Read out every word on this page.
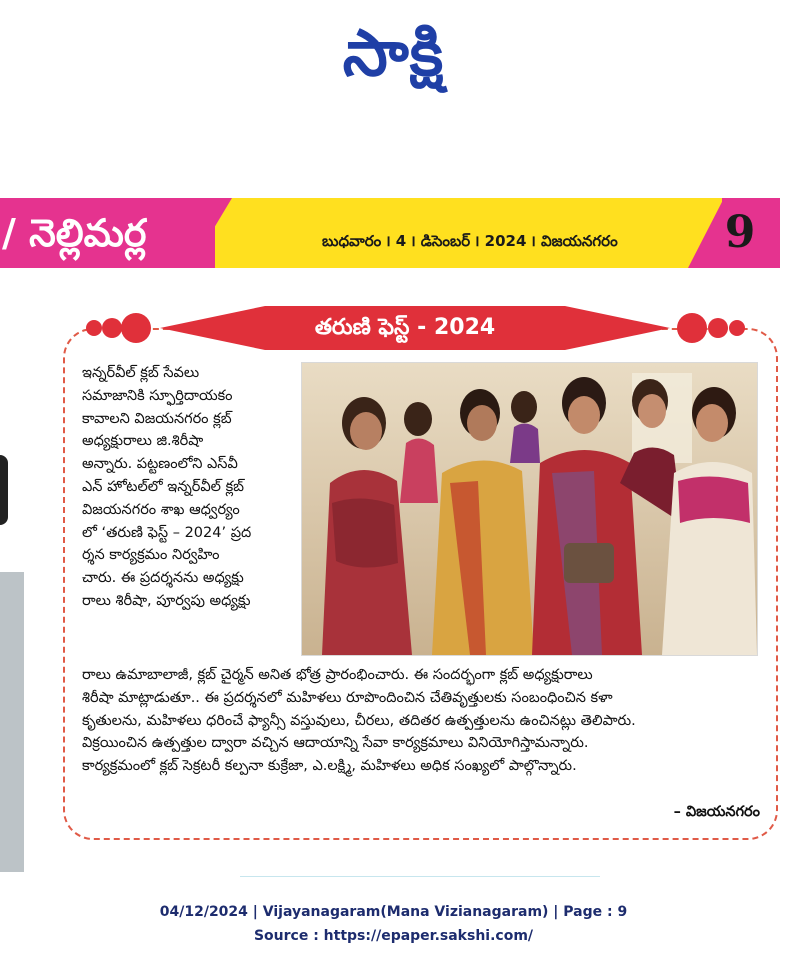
సాక్షి
/ నెల్లిమర్ల	బుధవారం ౹ 4 ౹ డిసెంబర్ ౹ 2024 ౹ విజయనగరం	9
తరుణి ఫెస్ట్ - 2024
ఇన్నర్‌వీల్ క్లబ్ సేవలు
సమాజానికి స్ఫూర్తిదాయకం
కావాలని విజయనగరం క్లబ్
అధ్యక్షురాలు జి.శిరీషా
అన్నారు. పట్టణంలోని ఎస్‌వీ
ఎన్ హోటల్‌లో ఇన్నర్‌వీల్ క్లబ్
విజయనగరం శాఖ ఆధ్వర్యం
లో ‘తరుణి ఫెస్ట్ – 2024’ ప్రద
ర్శన కార్యక్రమం నిర్వహిం
చారు. ఈ ప్రదర్శనను అధ్యక్షు
రాలు శిరీషా, పూర్వపు అధ్యక్షు
రాలు ఉమాబాలాజీ, క్లబ్ చైర్మన్ అనిత భోత్ర ప్రారంభించారు. ఈ సందర్భంగా క్లబ్ అధ్యక్షురాలు
శిరీషా మాట్లాడుతూ.. ఈ ప్రదర్శనలో మహిళలు రూపొందించిన చేతివృత్తులకు సంబంధించిన కళా
కృతులను, మహిళలు ధరించే ఫ్యాన్సీ వస్తువులు, చీరలు, తదితర ఉత్పత్తులను ఉంచినట్లు తెలిపారు.
విక్రయించిన ఉత్పత్తుల ద్వారా వచ్చిన ఆదాయాన్ని సేవా కార్యక్రమాలు వినియోగిస్తామన్నారు.
కార్యక్రమంలో క్లబ్ సెక్రటరీ కల్పనా కుక్రేజా, ఎ.లక్ష్మి, మహిళలు అధిక సంఖ్యలో పాల్గొన్నారు.
– విజయనగరం
04/12/2024 | Vijayanagaram(Mana Vizianagaram) | Page : 9
Source : https://epaper.sakshi.com/
